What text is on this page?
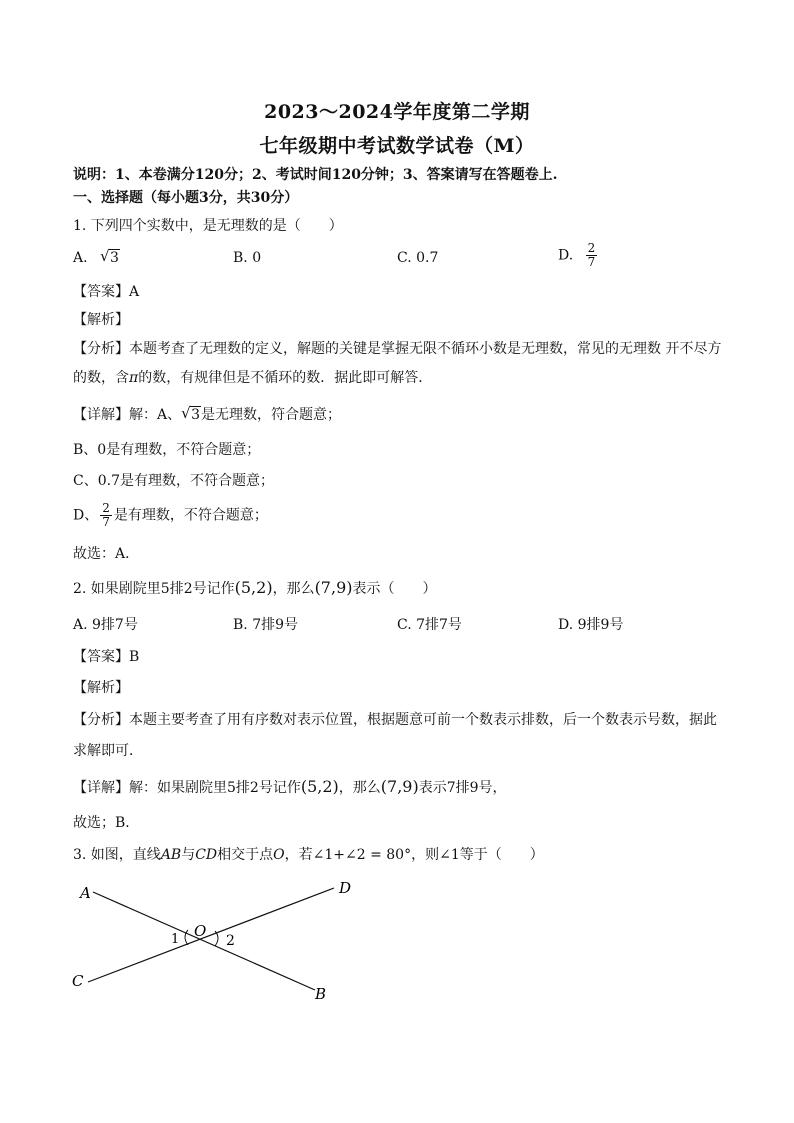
2023～2024学年度第二学期
七年级期中考试数学试卷（M）
说明：1、本卷满分120分；2、考试时间120分钟；3、答案请写在答题卷上.
一、选择题（每小题3分，共30分）
1. 下列四个实数中，是无理数的是（　　）
A. √ 3	B. 0	C. 0.7	D. $\frac{2}{7}$
【答案】A
【解析】
【分析】本题考查了无理数的定义，解题的关键是掌握无限不循环小数是无理数，常见的无理数 开不尽方
的数，含π的数，有规律但是不循环的数．据此即可解答．
【详解】解：A、 √ 3是无理数，符合题意；
B、0是有理数，不符合题意；
C、0.7是有理数，不符合题意；
D、 $\frac{2}{7}$ 是有理数，不符合题意；
故选：A．
2. 如果剧院里5排2号记作(5,2)，那么(7,9)表示（　　）
A. 9排7号	B. 7排9号	C. 7排7号	D. 9排9号
【答案】B
【解析】
【分析】本题主要考查了用有序数对表示位置，根据题意可前一个数表示排数，后一个数表示号数，据此
求解即可．
【详解】解：如果剧院里5排2号记作(5,2)，那么(7,9)表示7排9号，
故选；B．
3. 如图，直线AB与CD相交于点O，若∠1+∠2 = 80°，则∠1等于（　　）
A	D
C
B
O
1	2
